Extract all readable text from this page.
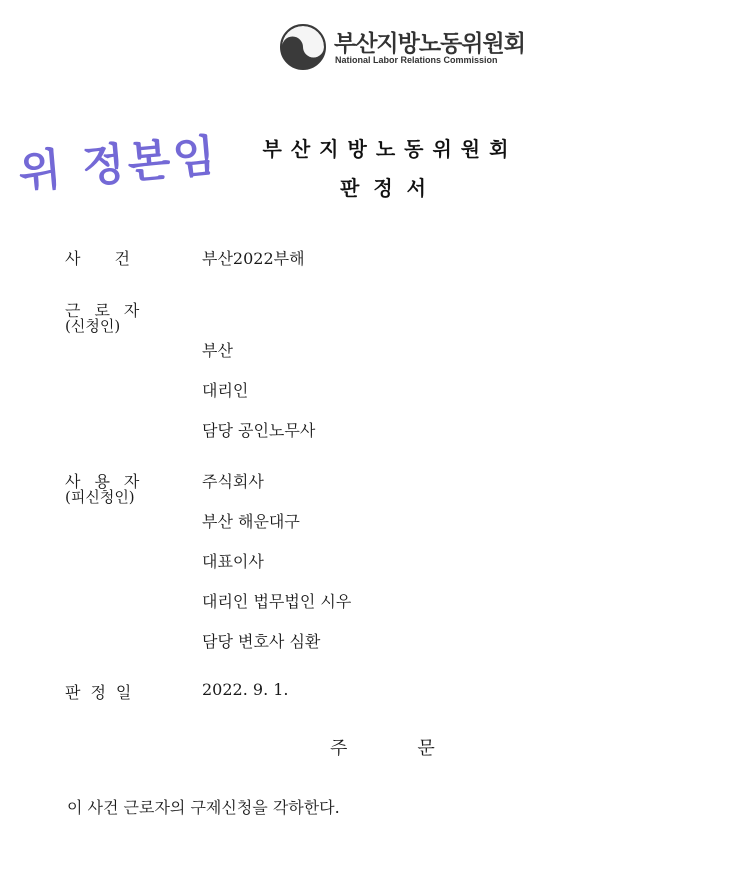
부산지방노동위원회
National Labor Relations Commission
위 정본임	부산지방노동위원회
판정서
사건 부산2022부해
근로자
(신청인)
부산
대리인
담당 공인노무사
사용자
(피신청인)
주식회사
부산 해운대구
대표이사
대리인 법무법인 시우
담당 변호사 심환
판정일	2022. 9. 1.
주문
이 사건 근로자의 구제신청을 각하한다.
